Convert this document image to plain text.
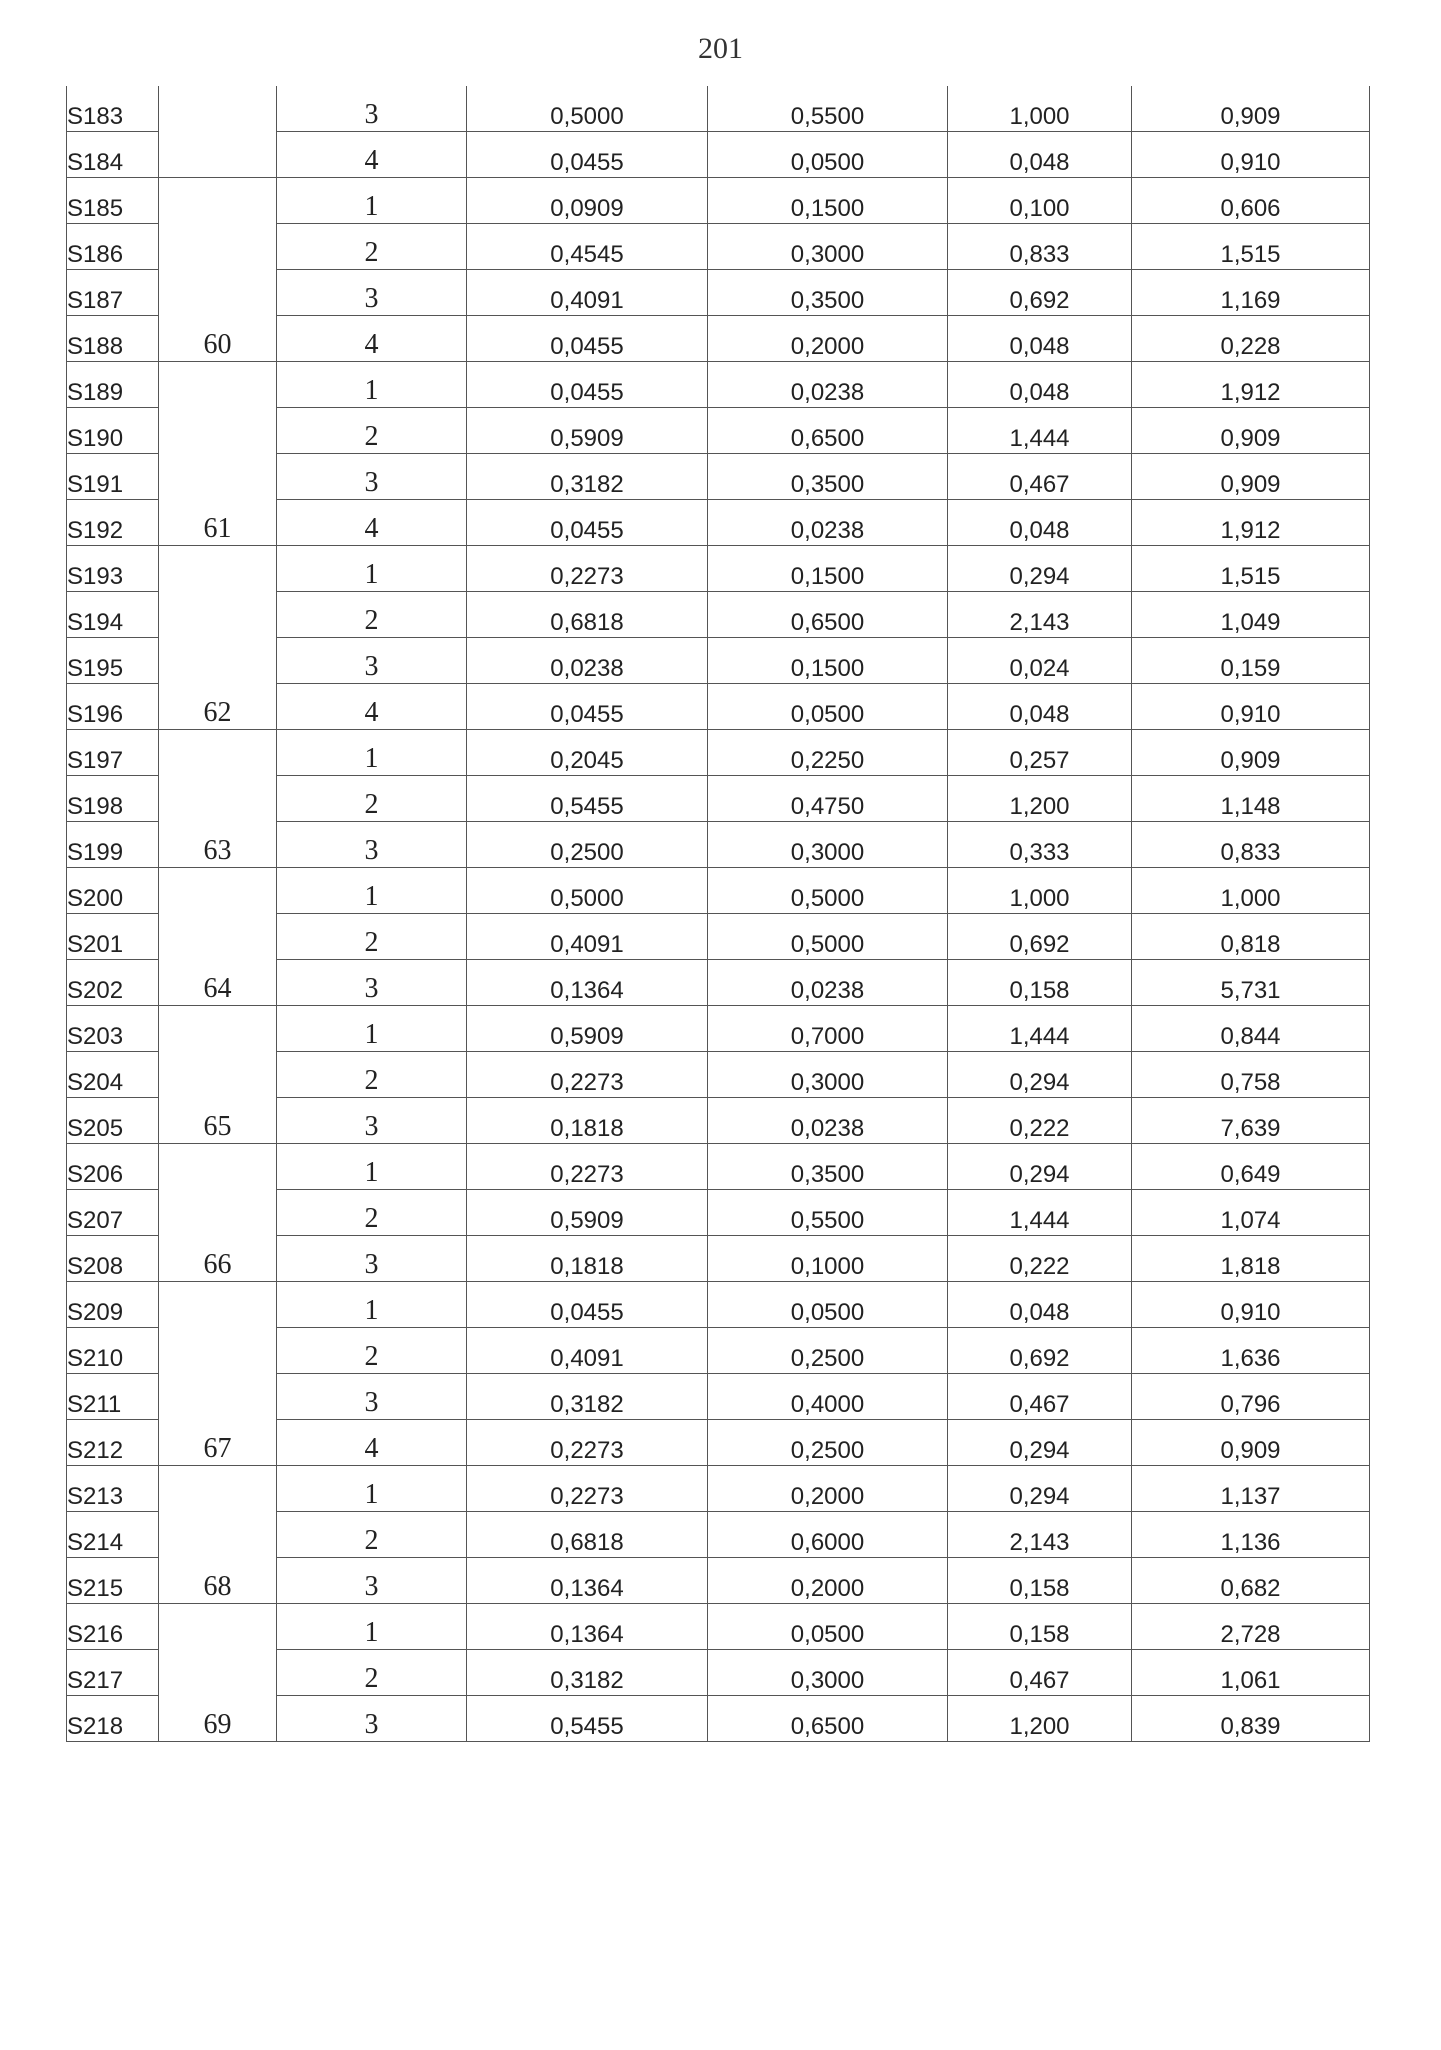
201
S183		3	0,5000	0,5500	1,000	0,909
S184		4	0,0455	0,0500	0,048	0,910
S185	60	1	0,0909	0,1500	0,100	0,606
S186		2	0,4545	0,3000	0,833	1,515
S187		3	0,4091	0,3500	0,692	1,169
S188		4	0,0455	0,2000	0,048	0,228
S189	61	1	0,0455	0,0238	0,048	1,912
S190		2	0,5909	0,6500	1,444	0,909
S191		3	0,3182	0,3500	0,467	0,909
S192		4	0,0455	0,0238	0,048	1,912
S193	62	1	0,2273	0,1500	0,294	1,515
S194		2	0,6818	0,6500	2,143	1,049
S195		3	0,0238	0,1500	0,024	0,159
S196		4	0,0455	0,0500	0,048	0,910
S197	63	1	0,2045	0,2250	0,257	0,909
S198		2	0,5455	0,4750	1,200	1,148
S199		3	0,2500	0,3000	0,333	0,833
S200	64	1	0,5000	0,5000	1,000	1,000
S201		2	0,4091	0,5000	0,692	0,818
S202		3	0,1364	0,0238	0,158	5,731
S203	65	1	0,5909	0,7000	1,444	0,844
S204		2	0,2273	0,3000	0,294	0,758
S205		3	0,1818	0,0238	0,222	7,639
S206	66	1	0,2273	0,3500	0,294	0,649
S207		2	0,5909	0,5500	1,444	1,074
S208		3	0,1818	0,1000	0,222	1,818
S209	67	1	0,0455	0,0500	0,048	0,910
S210		2	0,4091	0,2500	0,692	1,636
S211		3	0,3182	0,4000	0,467	0,796
S212		4	0,2273	0,2500	0,294	0,909
S213	68	1	0,2273	0,2000	0,294	1,137
S214		2	0,6818	0,6000	2,143	1,136
S215		3	0,1364	0,2000	0,158	0,682
S216	69	1	0,1364	0,0500	0,158	2,728
S217		2	0,3182	0,3000	0,467	1,061
S218		3	0,5455	0,6500	1,200	0,839
